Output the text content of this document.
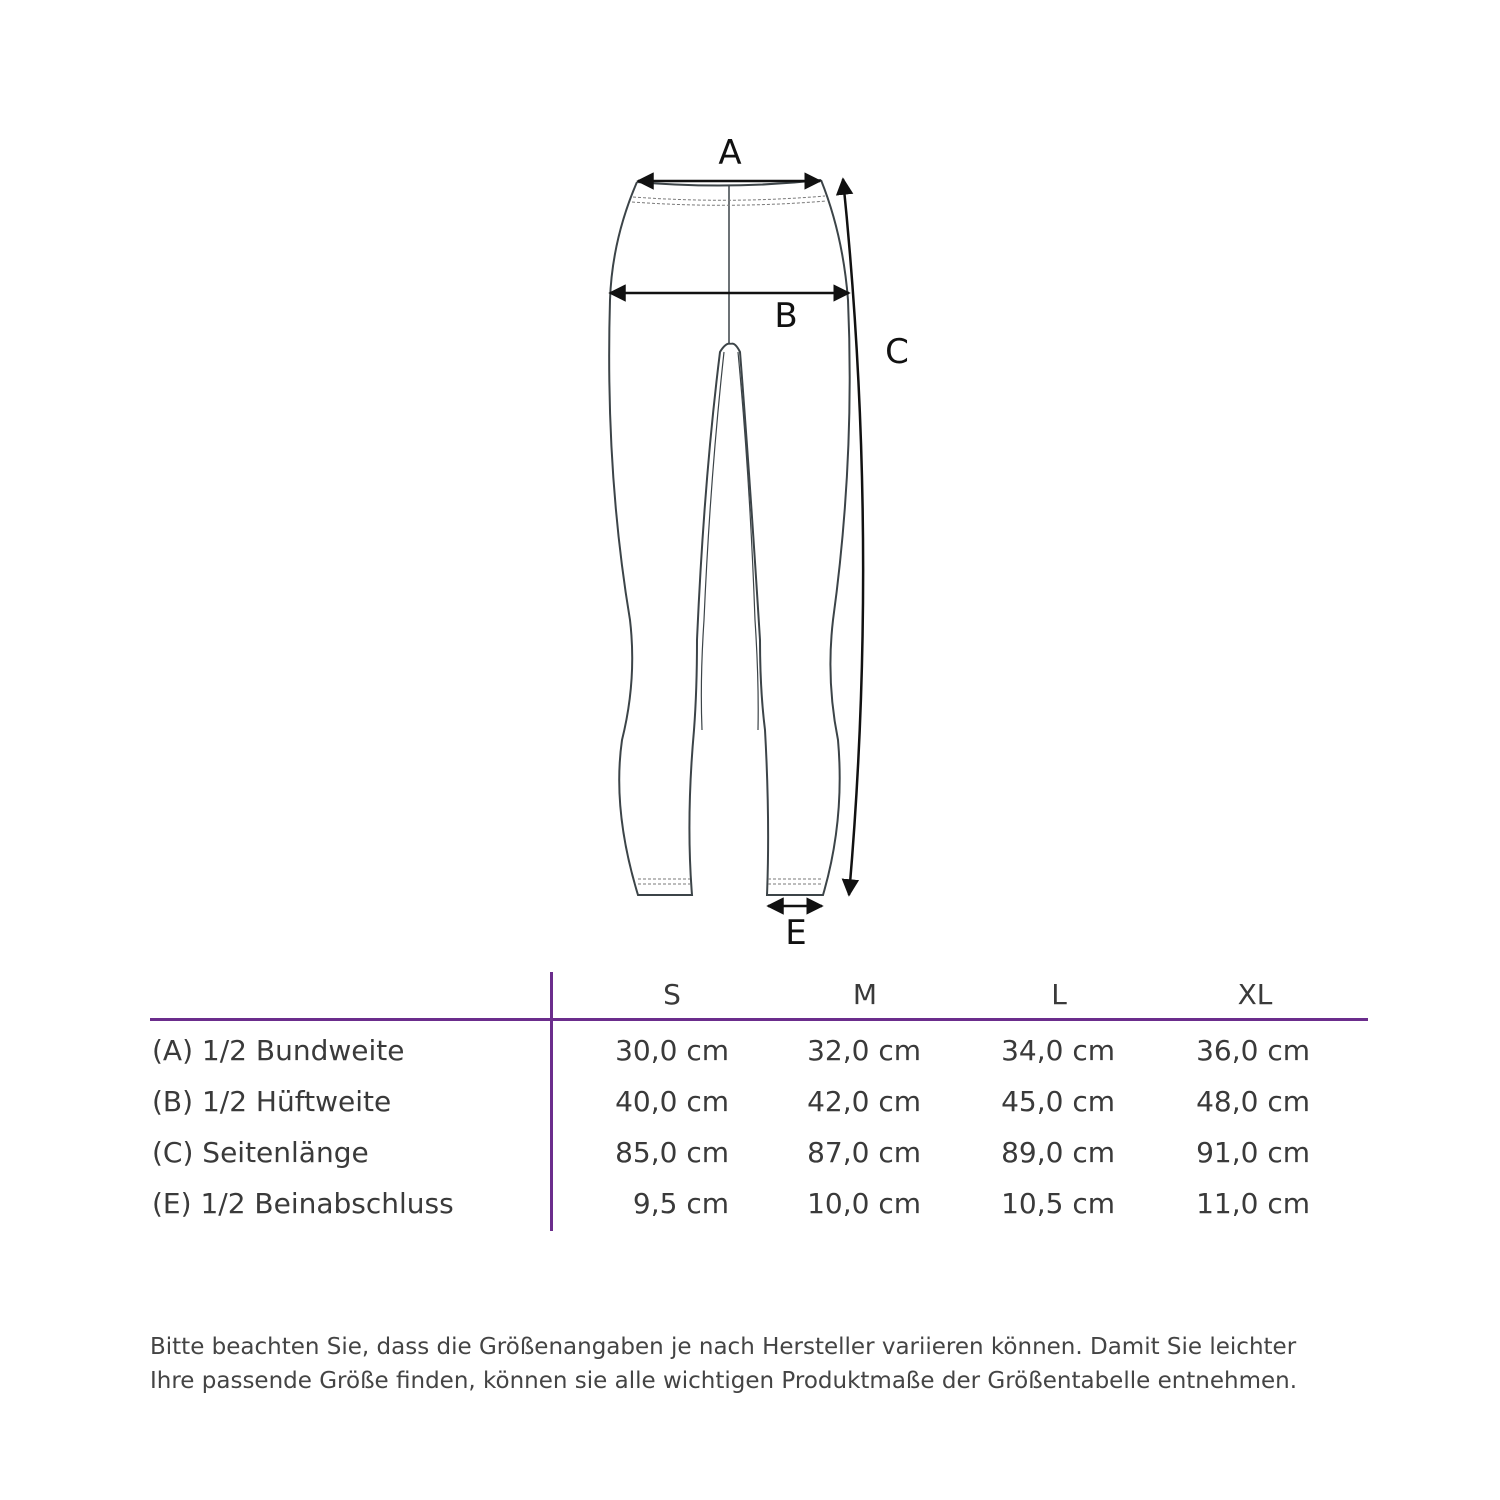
A
B
C
E
S	M	L	XL
(A) 1/2 Bundweite	30,0 cm	32,0 cm	34,0 cm	36,0 cm
(B) 1/2 Hüftweite	40,0 cm	42,0 cm	45,0 cm	48,0 cm
(C) Seitenlänge	85,0 cm	87,0 cm	89,0 cm	91,0 cm
(E) 1/2 Beinabschluss	9,5 cm	10,0 cm	10,5 cm	11,0 cm

Bitte beachten Sie, dass die Größenangaben je nach Hersteller variieren können. Damit Sie leichter

Ihre passende Größe finden, können sie alle wichtigen Produktmaße der Größentabelle entnehmen.
